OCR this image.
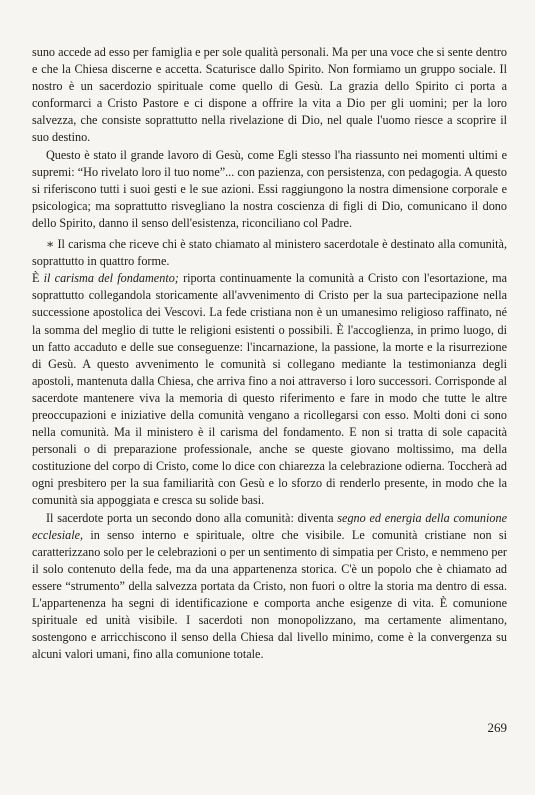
suno accede ad esso per famiglia e per sole qualità personali. Ma per una voce che si sente dentro e che la Chiesa discerne e accetta. Scaturisce dallo Spirito. Non formiamo un gruppo sociale. Il nostro è un sacerdozio spirituale come quello di Gesù. La grazia dello Spirito ci porta a conformarci a Cristo Pastore e ci dispone a offrire la vita a Dio per gli uomini; per la loro salvezza, che consiste soprattutto nella rivelazione di Dio, nel quale l'uomo riesce a scoprire il suo destino.

Questo è stato il grande lavoro di Gesù, come Egli stesso l'ha riassunto nei momenti ultimi e supremi: “Ho rivelato loro il tuo nome”... con pazienza, con persistenza, con pedagogia. A questo si riferiscono tutti i suoi gesti e le sue azioni. Essi raggiungono la nostra dimensione corporale e psicologica; ma soprattutto risvegliano la nostra coscienza di figli di Dio, comunicano il dono dello Spirito, danno il senso dell'esistenza, riconciliano col Padre.

∗ Il carisma che riceve chi è stato chiamato al ministero sacerdotale è destinato alla comunità, soprattutto in quattro forme.

È il carisma del fondamento; riporta continuamente la comunità a Cristo con l'esortazione, ma soprattutto collegandola storicamente all'avvenimento di Cristo per la sua partecipazione nella successione apostolica dei Vescovi. La fede cristiana non è un umanesimo religioso raffinato, né la somma del meglio di tutte le religioni esistenti o possibili. È l'accoglienza, in primo luogo, di un fatto accaduto e delle sue conseguenze: l'incarnazione, la passione, la morte e la risurrezione di Gesù. A questo avvenimento le comunità si collegano mediante la testimonianza degli apostoli, mantenuta dalla Chiesa, che arriva fino a noi attraverso i loro successori. Corrisponde al sacerdote mantenere viva la memoria di questo riferimento e fare in modo che tutte le altre preoccupazioni e iniziative della comunità vengano a ricollegarsi con esso. Molti doni ci sono nella comunità. Ma il ministero è il carisma del fondamento. E non si tratta di sole capacità personali o di preparazione professionale, anche se queste giovano moltissimo, ma della costituzione del corpo di Cristo, come lo dice con chiarezza la celebrazione odierna. Toccherà ad ogni presbitero per la sua familiarità con Gesù e lo sforzo di renderlo presente, in modo che la comunità sia appoggiata e cresca su solide basi.

Il sacerdote porta un secondo dono alla comunità: diventa segno ed energia della comunione ecclesiale, in senso interno e spirituale, oltre che visibile. Le comunità cristiane non si caratterizzano solo per le celebrazioni o per un sentimento di simpatia per Cristo, e nemmeno per il solo contenuto della fede, ma da una appartenenza storica. C'è un popolo che è chiamato ad essere “strumento” della salvezza portata da Cristo, non fuori o oltre la storia ma dentro di essa. L'appartenenza ha segni di identificazione e comporta anche esigenze di vita. È comunione spirituale ed unità visibile. I sacerdoti non monopolizzano, ma certamente alimentano, sostengono e arricchiscono il senso della Chiesa dal livello minimo, come è la convergenza su alcuni valori umani, fino alla comunione totale.

269
